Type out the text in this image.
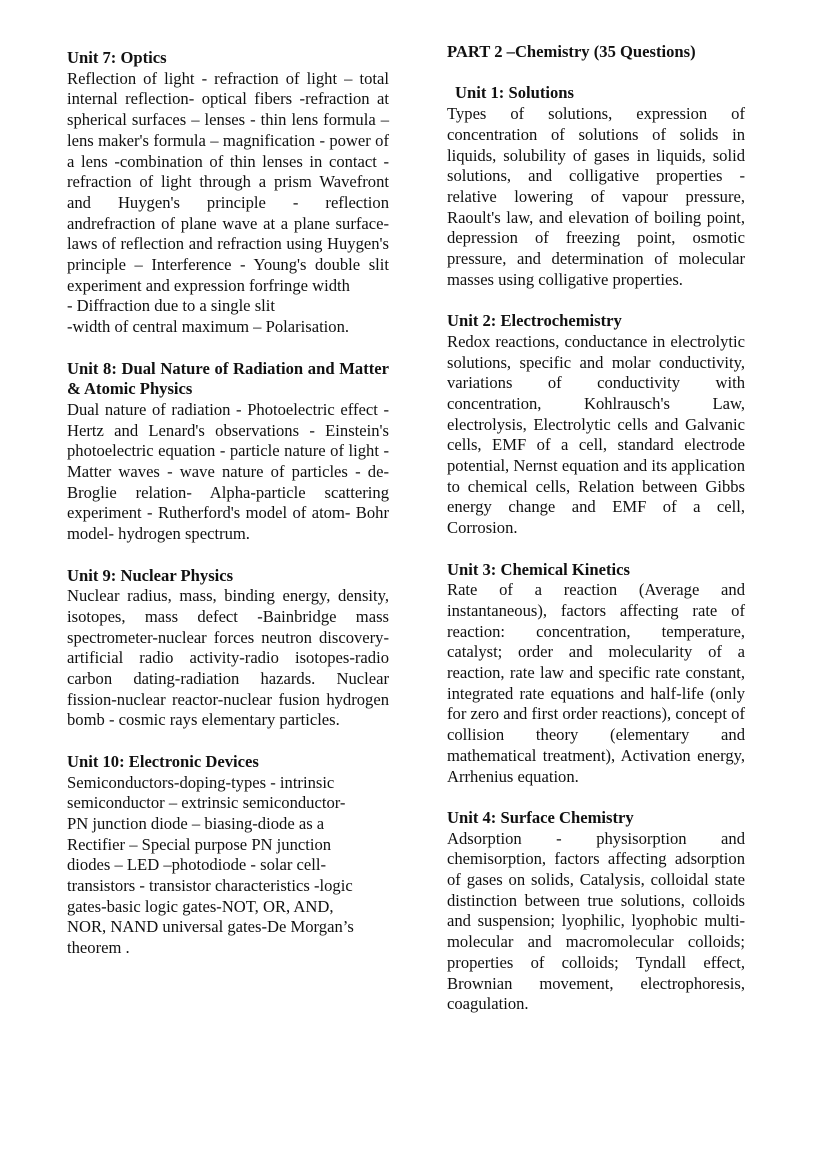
Unit 7: Optics
Reflection of light - refraction of light – total internal reflection- optical fibers -refraction at spherical surfaces – lenses - thin lens formula – lens maker's formula – magnification - power of a lens -combination of thin lenses in contact - refraction of light through a prism Wavefront and Huygen's principle - reflection andrefraction of plane wave at a plane surface- laws of reflection and refraction using Huygen's principle – Interference - Young's double slit experiment and expression forfringe width
- Diffraction due to a single slit
-width of central maximum – Polarisation.
Unit 8: Dual Nature of Radiation and Matter & Atomic Physics
Dual nature of radiation - Photoelectric effect - Hertz and Lenard's observations - Einstein's photoelectric equation - particle nature of light - Matter waves - wave nature of particles - de-Broglie relation- Alpha-particle scattering experiment - Rutherford's model of atom- Bohr model- hydrogen spectrum.
Unit 9: Nuclear Physics
Nuclear radius, mass, binding energy, density, isotopes, mass defect -Bainbridge mass spectrometer-nuclear forces neutron discovery-artificial radio activity-radio isotopes-radio carbon dating-radiation hazards. Nuclear fission-nuclear reactor-nuclear fusion hydrogen bomb - cosmic rays elementary particles.
Unit 10: Electronic Devices
Semiconductors-doping-types - intrinsic
semiconductor – extrinsic semiconductor-
PN junction diode – biasing-diode as a
Rectifier – Special purpose PN junction
diodes – LED –photodiode - solar cell-
transistors - transistor characteristics -logic
gates-basic logic gates-NOT, OR, AND,
NOR, NAND universal gates-De Morgan’s
theorem .
PART 2 –Chemistry (35 Questions)
Unit 1: Solutions
Types of solutions, expression of concentration of solutions of solids in liquids, solubility of gases in liquids, solid solutions, and colligative properties - relative lowering of vapour pressure, Raoult's law, and elevation of boiling point, depression of freezing point, osmotic pressure, and determination of molecular masses using colligative properties.
Unit 2: Electrochemistry
Redox reactions, conductance in electrolytic solutions, specific and molar conductivity, variations of conductivity with concentration, Kohlrausch's Law, electrolysis, Electrolytic cells and Galvanic cells, EMF of a cell, standard electrode potential, Nernst equation and its application to chemical cells, Relation between Gibbs energy change and EMF of a cell, Corrosion.
Unit 3: Chemical Kinetics
Rate of a reaction (Average and instantaneous), factors affecting rate of reaction: concentration, temperature, catalyst; order and molecularity of a reaction, rate law and specific rate constant, integrated rate equations and half-life (only for zero and first order reactions), concept of collision theory (elementary and mathematical treatment), Activation energy, Arrhenius equation.
Unit 4: Surface Chemistry
Adsorption - physisorption and chemisorption, factors affecting adsorption of gases on solids, Catalysis, colloidal state distinction between true solutions, colloids and suspension; lyophilic, lyophobic multi-molecular and macromolecular colloids; properties of colloids; Tyndall effect, Brownian movement, electrophoresis, coagulation.
